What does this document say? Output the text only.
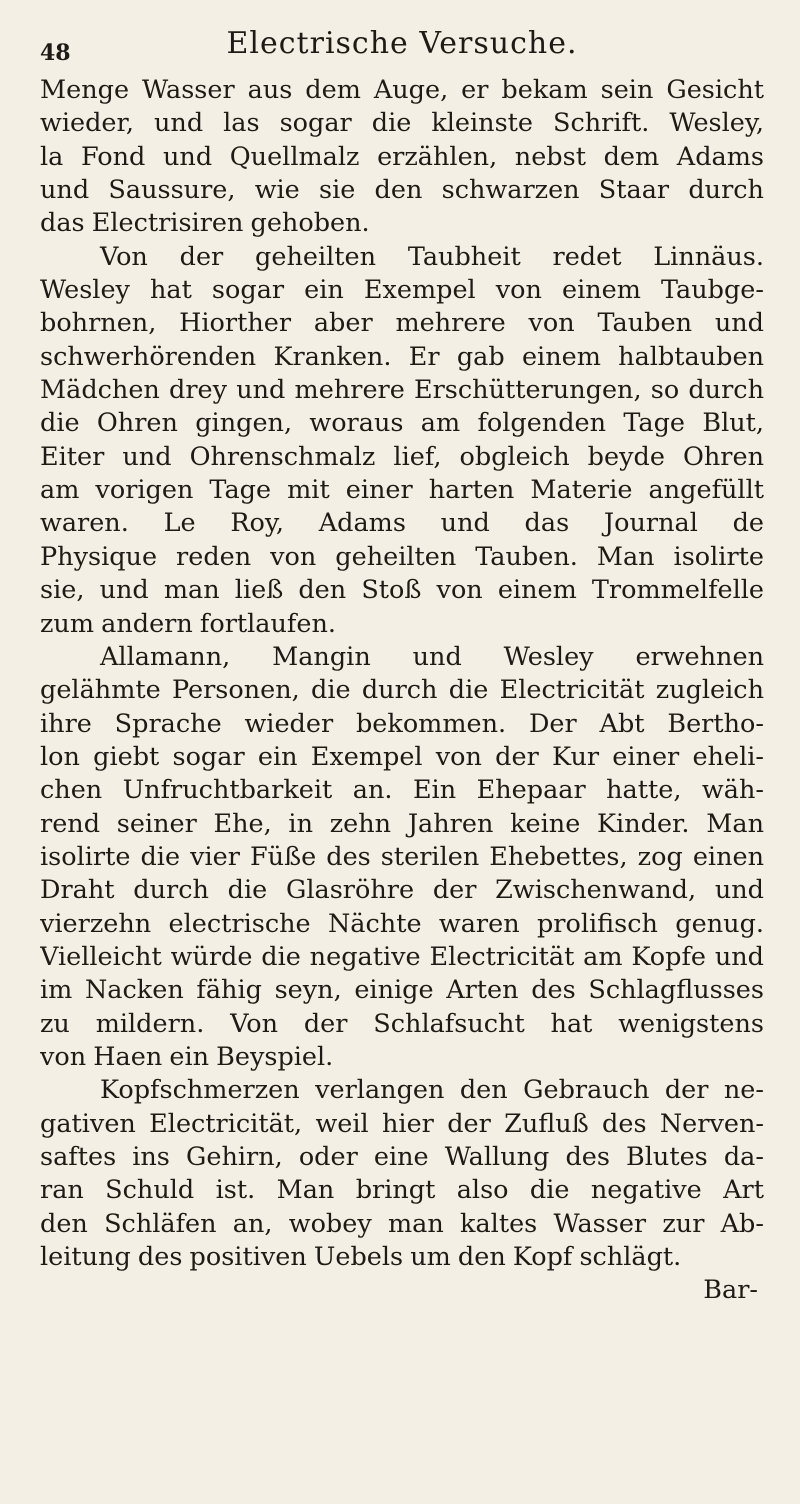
48	Electrische Versuche.
Menge Wasser aus dem Auge, er bekam sein Gesicht
wieder, und las sogar die kleinste Schrift. Wesley,
la Fond und Quellmalz erzählen, nebst dem Adams
und Saussure, wie sie den schwarzen Staar durch
das Electrisiren gehoben.
Von der geheilten Taubheit redet Linnäus.
Wesley hat sogar ein Exempel von einem Taubge-
bohrnen, Hiorther aber mehrere von Tauben und
schwerhörenden Kranken. Er gab einem halbtauben
Mädchen drey und mehrere Erschütterungen, so durch
die Ohren gingen, woraus am folgenden Tage Blut,
Eiter und Ohrenschmalz lief, obgleich beyde Ohren
am vorigen Tage mit einer harten Materie angefüllt
waren. Le Roy, Adams und das Journal de
Physique reden von geheilten Tauben. Man isolirte
sie, und man ließ den Stoß von einem Trommelfelle
zum andern fortlaufen.
Allamann, Mangin und Wesley erwehnen
gelähmte Personen, die durch die Electricität zugleich
ihre Sprache wieder bekommen. Der Abt Bertho-
lon giebt sogar ein Exempel von der Kur einer eheli-
chen Unfruchtbarkeit an. Ein Ehepaar hatte, wäh-
rend seiner Ehe, in zehn Jahren keine Kinder. Man
isolirte die vier Füße des sterilen Ehebettes, zog einen
Draht durch die Glasröhre der Zwischenwand, und
vierzehn electrische Nächte waren prolifisch genug.
Vielleicht würde die negative Electricität am Kopfe und
im Nacken fähig seyn, einige Arten des Schlagflusses
zu mildern. Von der Schlafsucht hat wenigstens
von Haen ein Beyspiel.
Kopfschmerzen verlangen den Gebrauch der ne-
gativen Electricität, weil hier der Zufluß des Nerven-
saftes ins Gehirn, oder eine Wallung des Blutes da-
ran Schuld ist. Man bringt also die negative Art
den Schläfen an, wobey man kaltes Wasser zur Ab-
leitung des positiven Uebels um den Kopf schlägt.
Bar-
